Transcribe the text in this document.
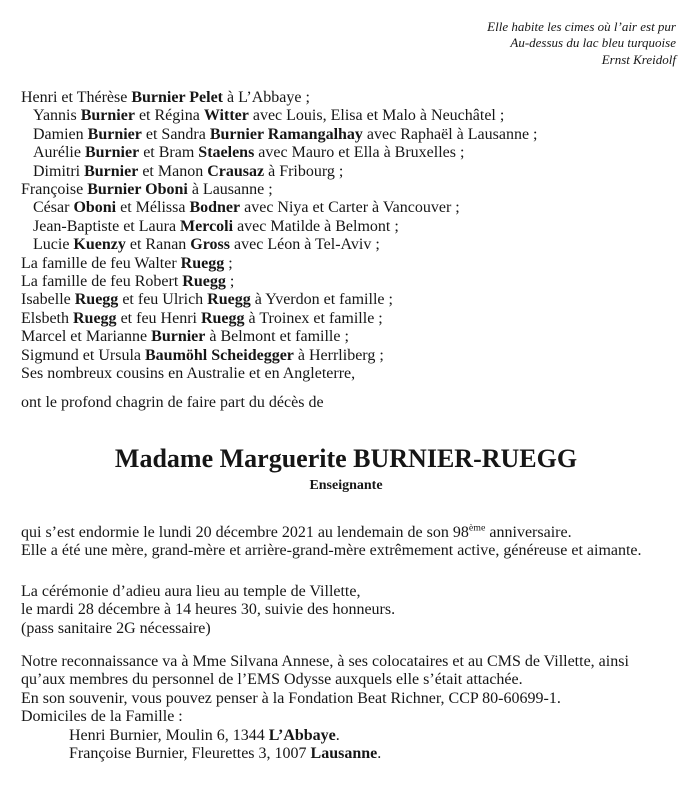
Elle habite les cimes où l’air est pur
Au-dessus du lac bleu turquoise
Ernst Kreidolf
Henri et Thérèse Burnier Pelet à L’Abbaye ;
Yannis Burnier et Régina Witter avec Louis, Elisa et Malo à Neuchâtel ;
Damien Burnier et Sandra Burnier Ramangalhay avec Raphaël à Lausanne ;
Aurélie Burnier et Bram Staelens avec Mauro et Ella à Bruxelles ;
Dimitri Burnier et Manon Crausaz à Fribourg ;
Françoise Burnier Oboni à Lausanne ;
César Oboni et Mélissa Bodner avec Niya et Carter à Vancouver ;
Jean-Baptiste et Laura Mercoli avec Matilde à Belmont ;
Lucie Kuenzy et Ranan Gross avec Léon à Tel-Aviv ;
La famille de feu Walter Ruegg ;
La famille de feu Robert Ruegg ;
Isabelle Ruegg et feu Ulrich Ruegg à Yverdon et famille ;
Elsbeth Ruegg et feu Henri Ruegg à Troinex et famille ;
Marcel et Marianne Burnier à Belmont et famille ;
Sigmund et Ursula Baumöhl Scheidegger à Herrliberg ;
Ses nombreux cousins en Australie et en Angleterre,
ont le profond chagrin de faire part du décès de
Madame Marguerite BURNIER-RUEGG
Enseignante
qui s’est endormie le lundi 20 décembre 2021 au lendemain de son 98ème anniversaire.
Elle a été une mère, grand-mère et arrière-grand-mère extrêmement active, généreuse et aimante.
La cérémonie d’adieu aura lieu au temple de Villette,
le mardi 28 décembre à 14 heures 30, suivie des honneurs.
(pass sanitaire 2G nécessaire)
Notre reconnaissance va à Mme Silvana Annese, à ses colocataires et au CMS de Villette, ainsi
qu’aux membres du personnel de l’EMS Odysse auxquels elle s’était attachée.
En son souvenir, vous pouvez penser à la Fondation Beat Richner, CCP 80-60699-1.
Domiciles de la Famille :
Henri Burnier, Moulin 6, 1344 L’Abbaye.
Françoise Burnier, Fleurettes 3, 1007 Lausanne.
